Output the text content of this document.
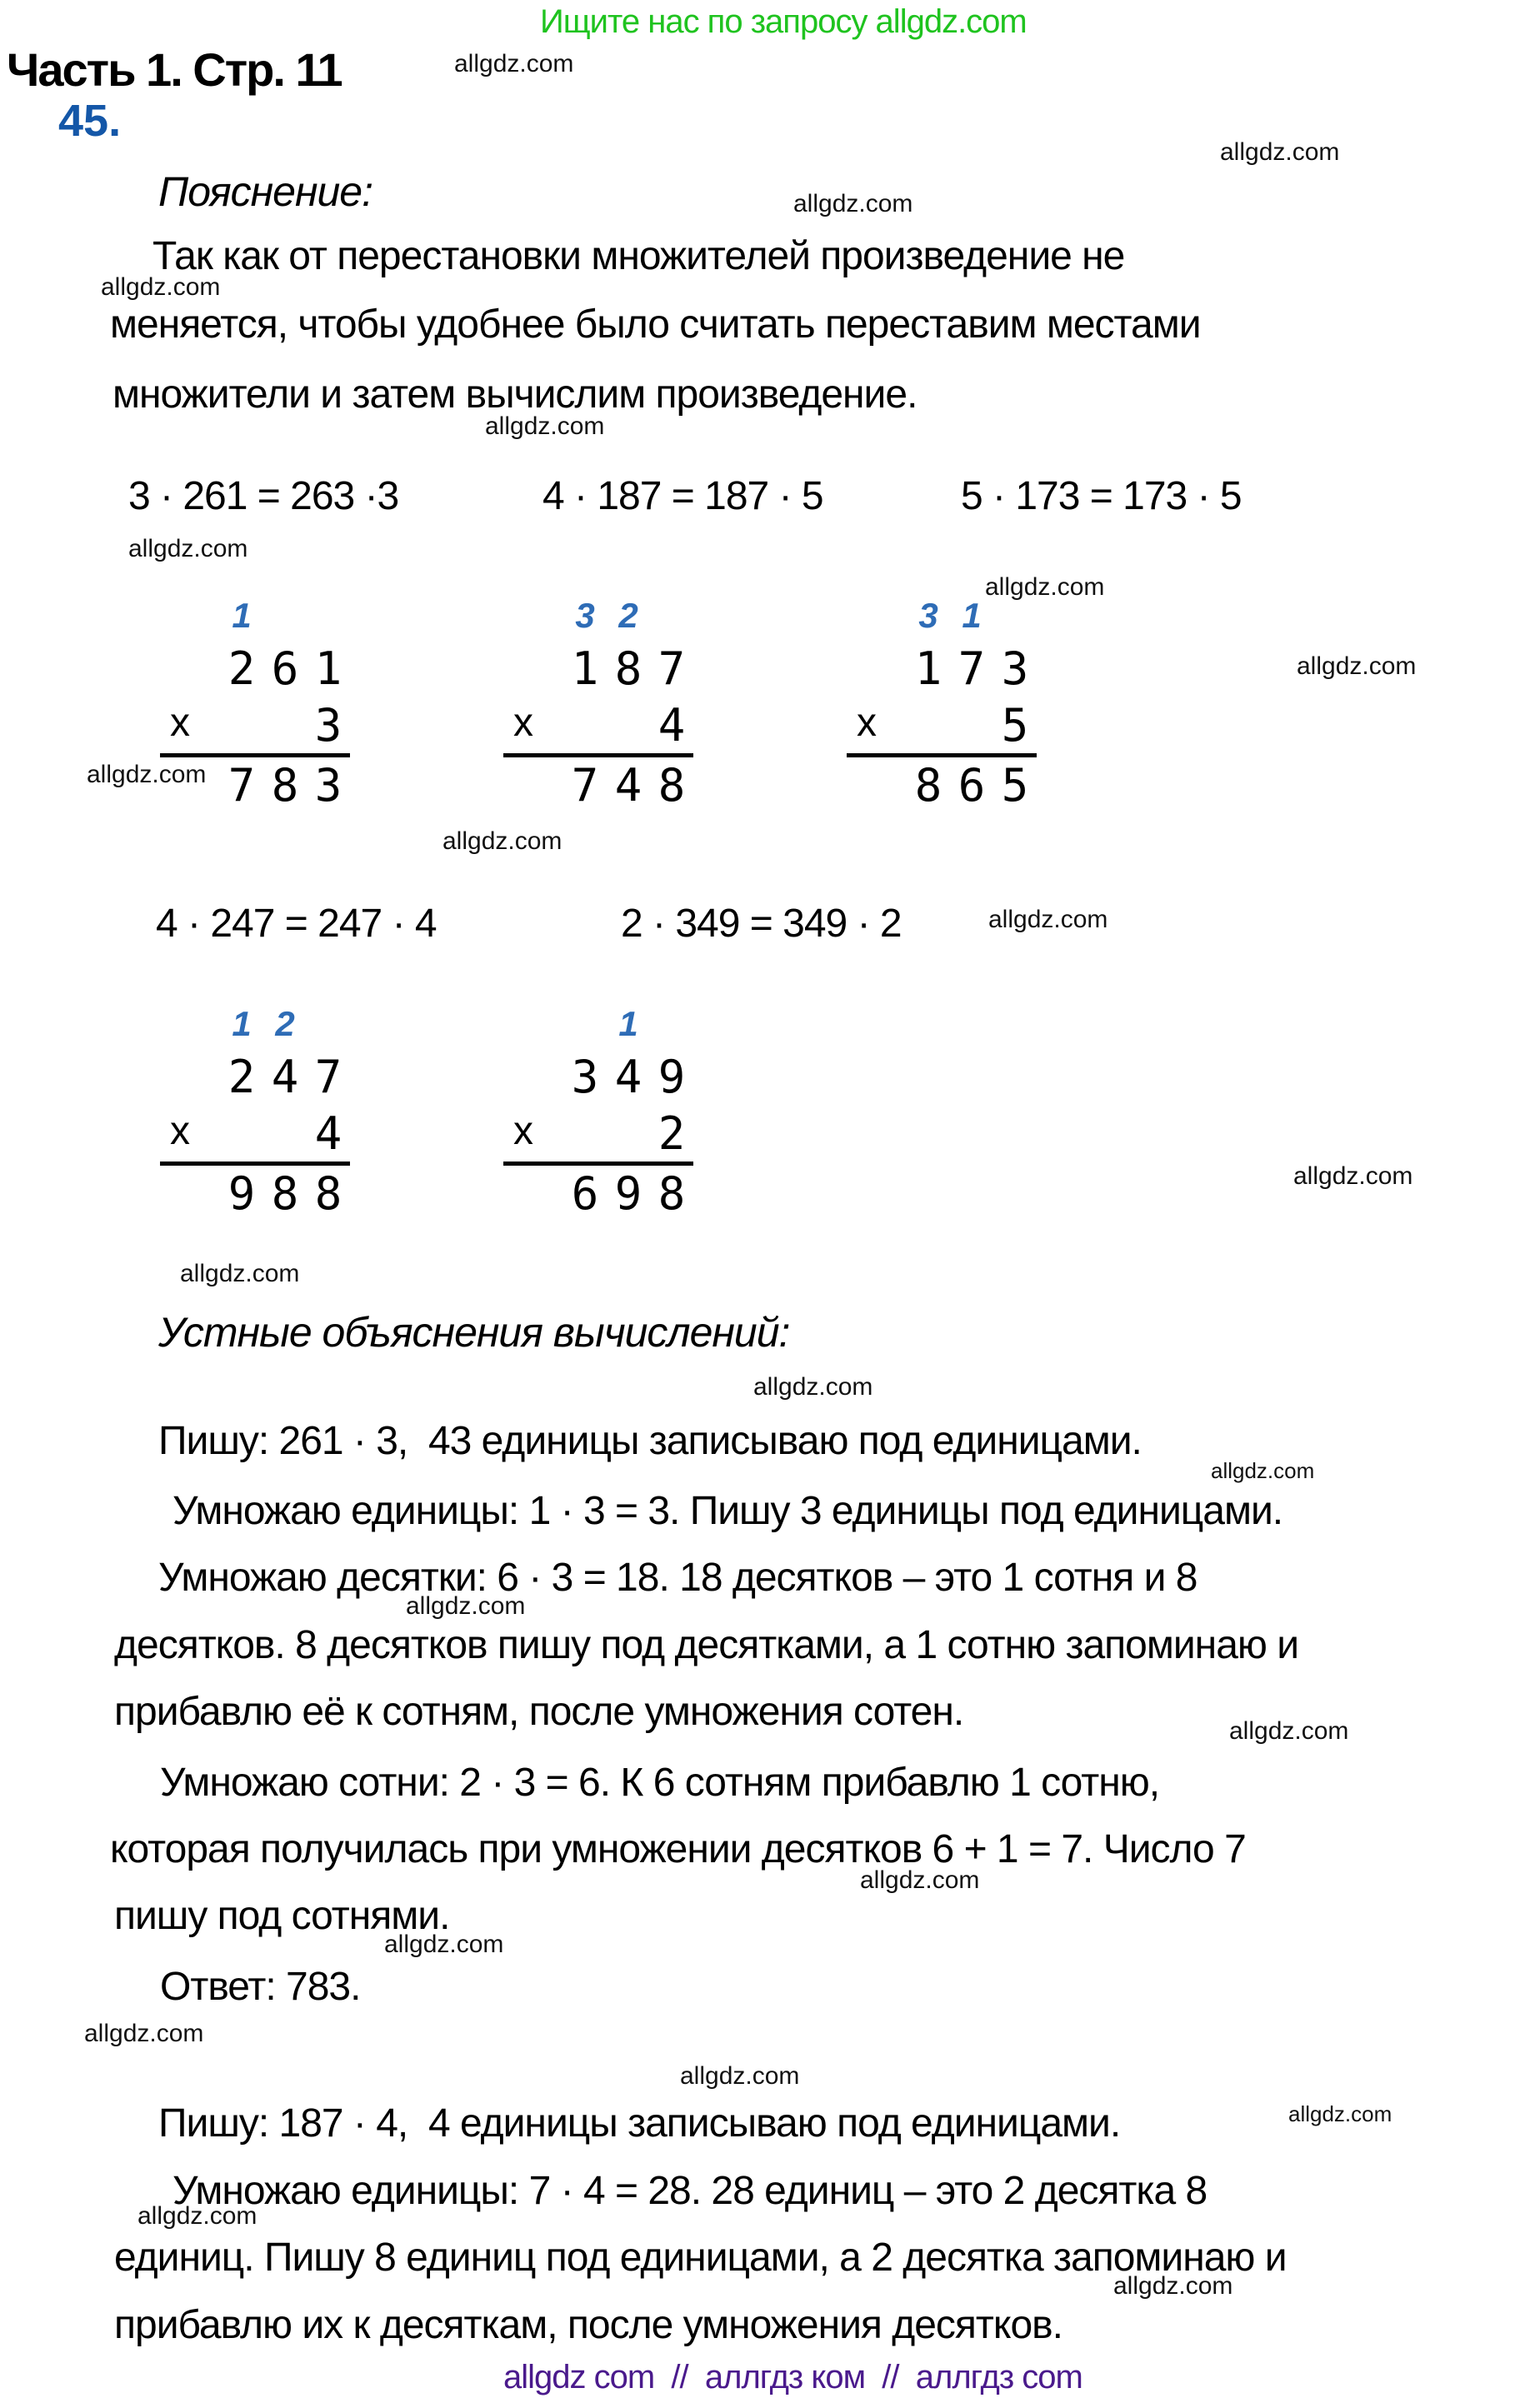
Ищите нас по запросу allgdz.com
Часть 1. Стр. 11	allgdz.com
45.
allgdz.com
Пояснение:	allgdz.com
Так как от перестановки множителей произведение не
allgdz.com
меняется, чтобы удобнее было считать переставим местами
множители и затем вычислим произведение.
allgdz.com
3 · 261 = 263 ·3	4 · 187 = 187 · 5	5 · 173 = 173 · 5
allgdz.com
allgdz.com
1
2 6 1
x	3
7 8 3
3 2
1 8 7
x	4
7 4 8
3 1
1 7 3
x	5
8 6 5
allgdz.com
allgdz.com
allgdz.com
4 · 247 = 247 · 4	2 · 349 = 349 · 2	allgdz.com
1 2
2 4 7
x	4
9 8 8
1
3 4 9
x	2
6 9 8	allgdz.com
allgdz.com
Устные объяснения вычислений:
allgdz.com
Пишу: 261 · 3,  43 единицы записываю под единицами.
allgdz.com
Умножаю единицы: 1 · 3 = 3. Пишу 3 единицы под единицами.
Умножаю десятки: 6 · 3 = 18. 18 десятков – это 1 сотня и 8
allgdz.com
десятков. 8 десятков пишу под десятками, а 1 сотню запоминаю и
прибавлю её к сотням, после умножения сотен.	allgdz.com
Умножаю сотни: 2 · 3 = 6. К 6 сотням прибавлю 1 сотню,
которая получилась при умножении десятков 6 + 1 = 7. Число 7
allgdz.com
пишу под сотнями.
allgdz.com
Ответ: 783.
allgdz.com
allgdz.com
Пишу: 187 · 4,  4 единицы записываю под единицами.	allgdz.com
Умножаю единицы: 7 · 4 = 28. 28 единиц – это 2 десятка 8
allgdz.com
единиц. Пишу 8 единиц под единицами, а 2 десятка запоминаю и
allgdz.com
прибавлю их к десяткам, после умножения десятков.
allgdz com  //  аллгдз ком  //  аллгдз com
